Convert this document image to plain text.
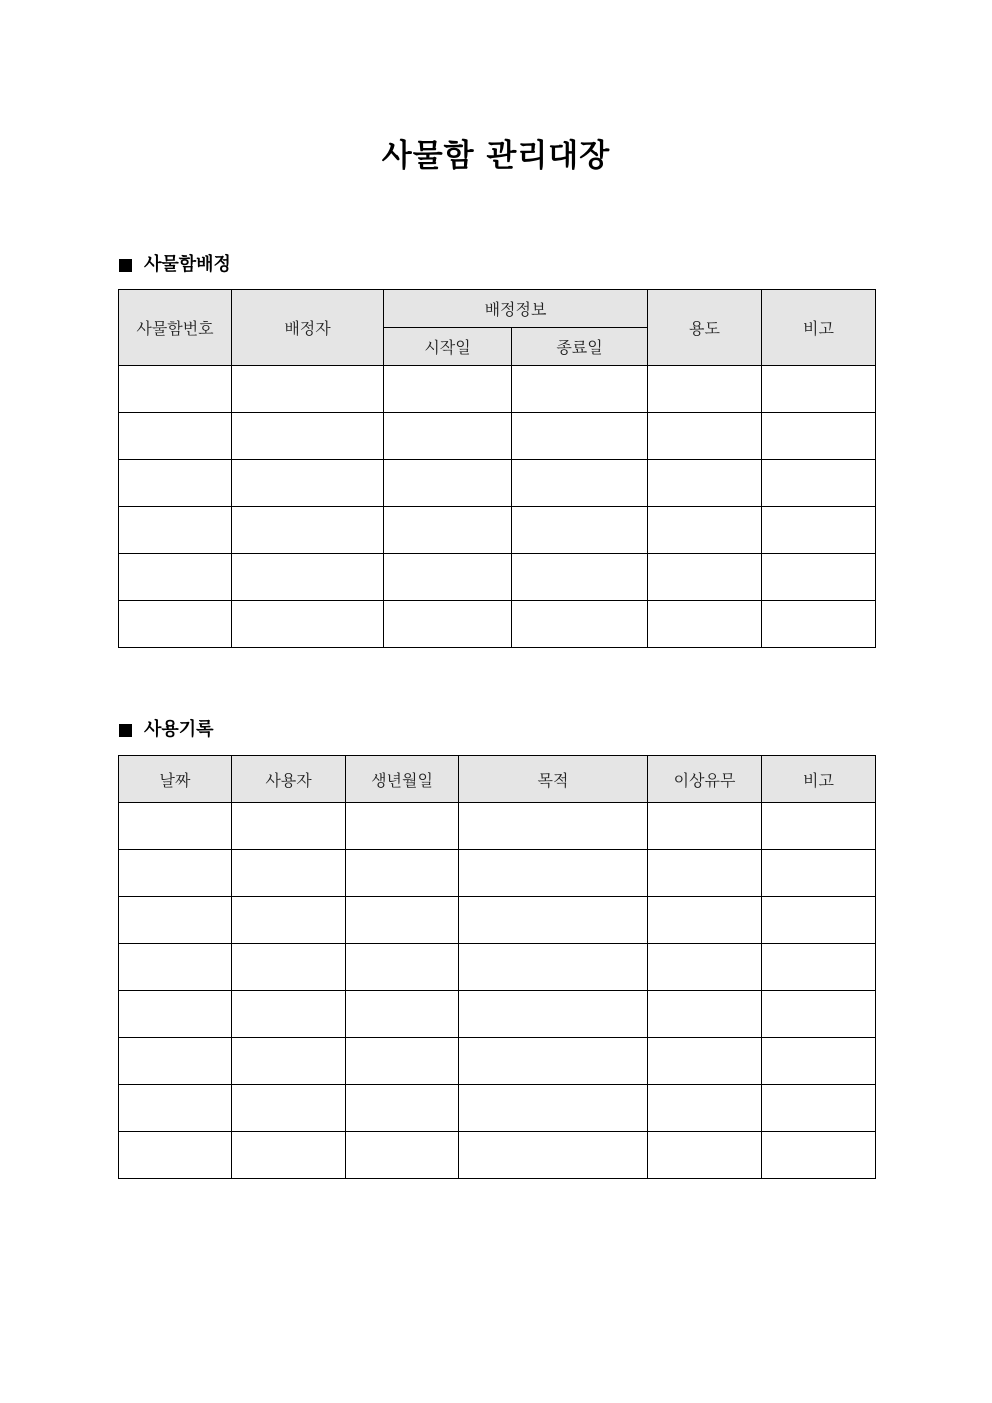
사물함 관리대장
사물함배정
사물함번호	배정자	배정정보		용도	비고
		시작일	종료일		

사용기록
날짜	사용자	생년월일	목적	이상유무	비고
